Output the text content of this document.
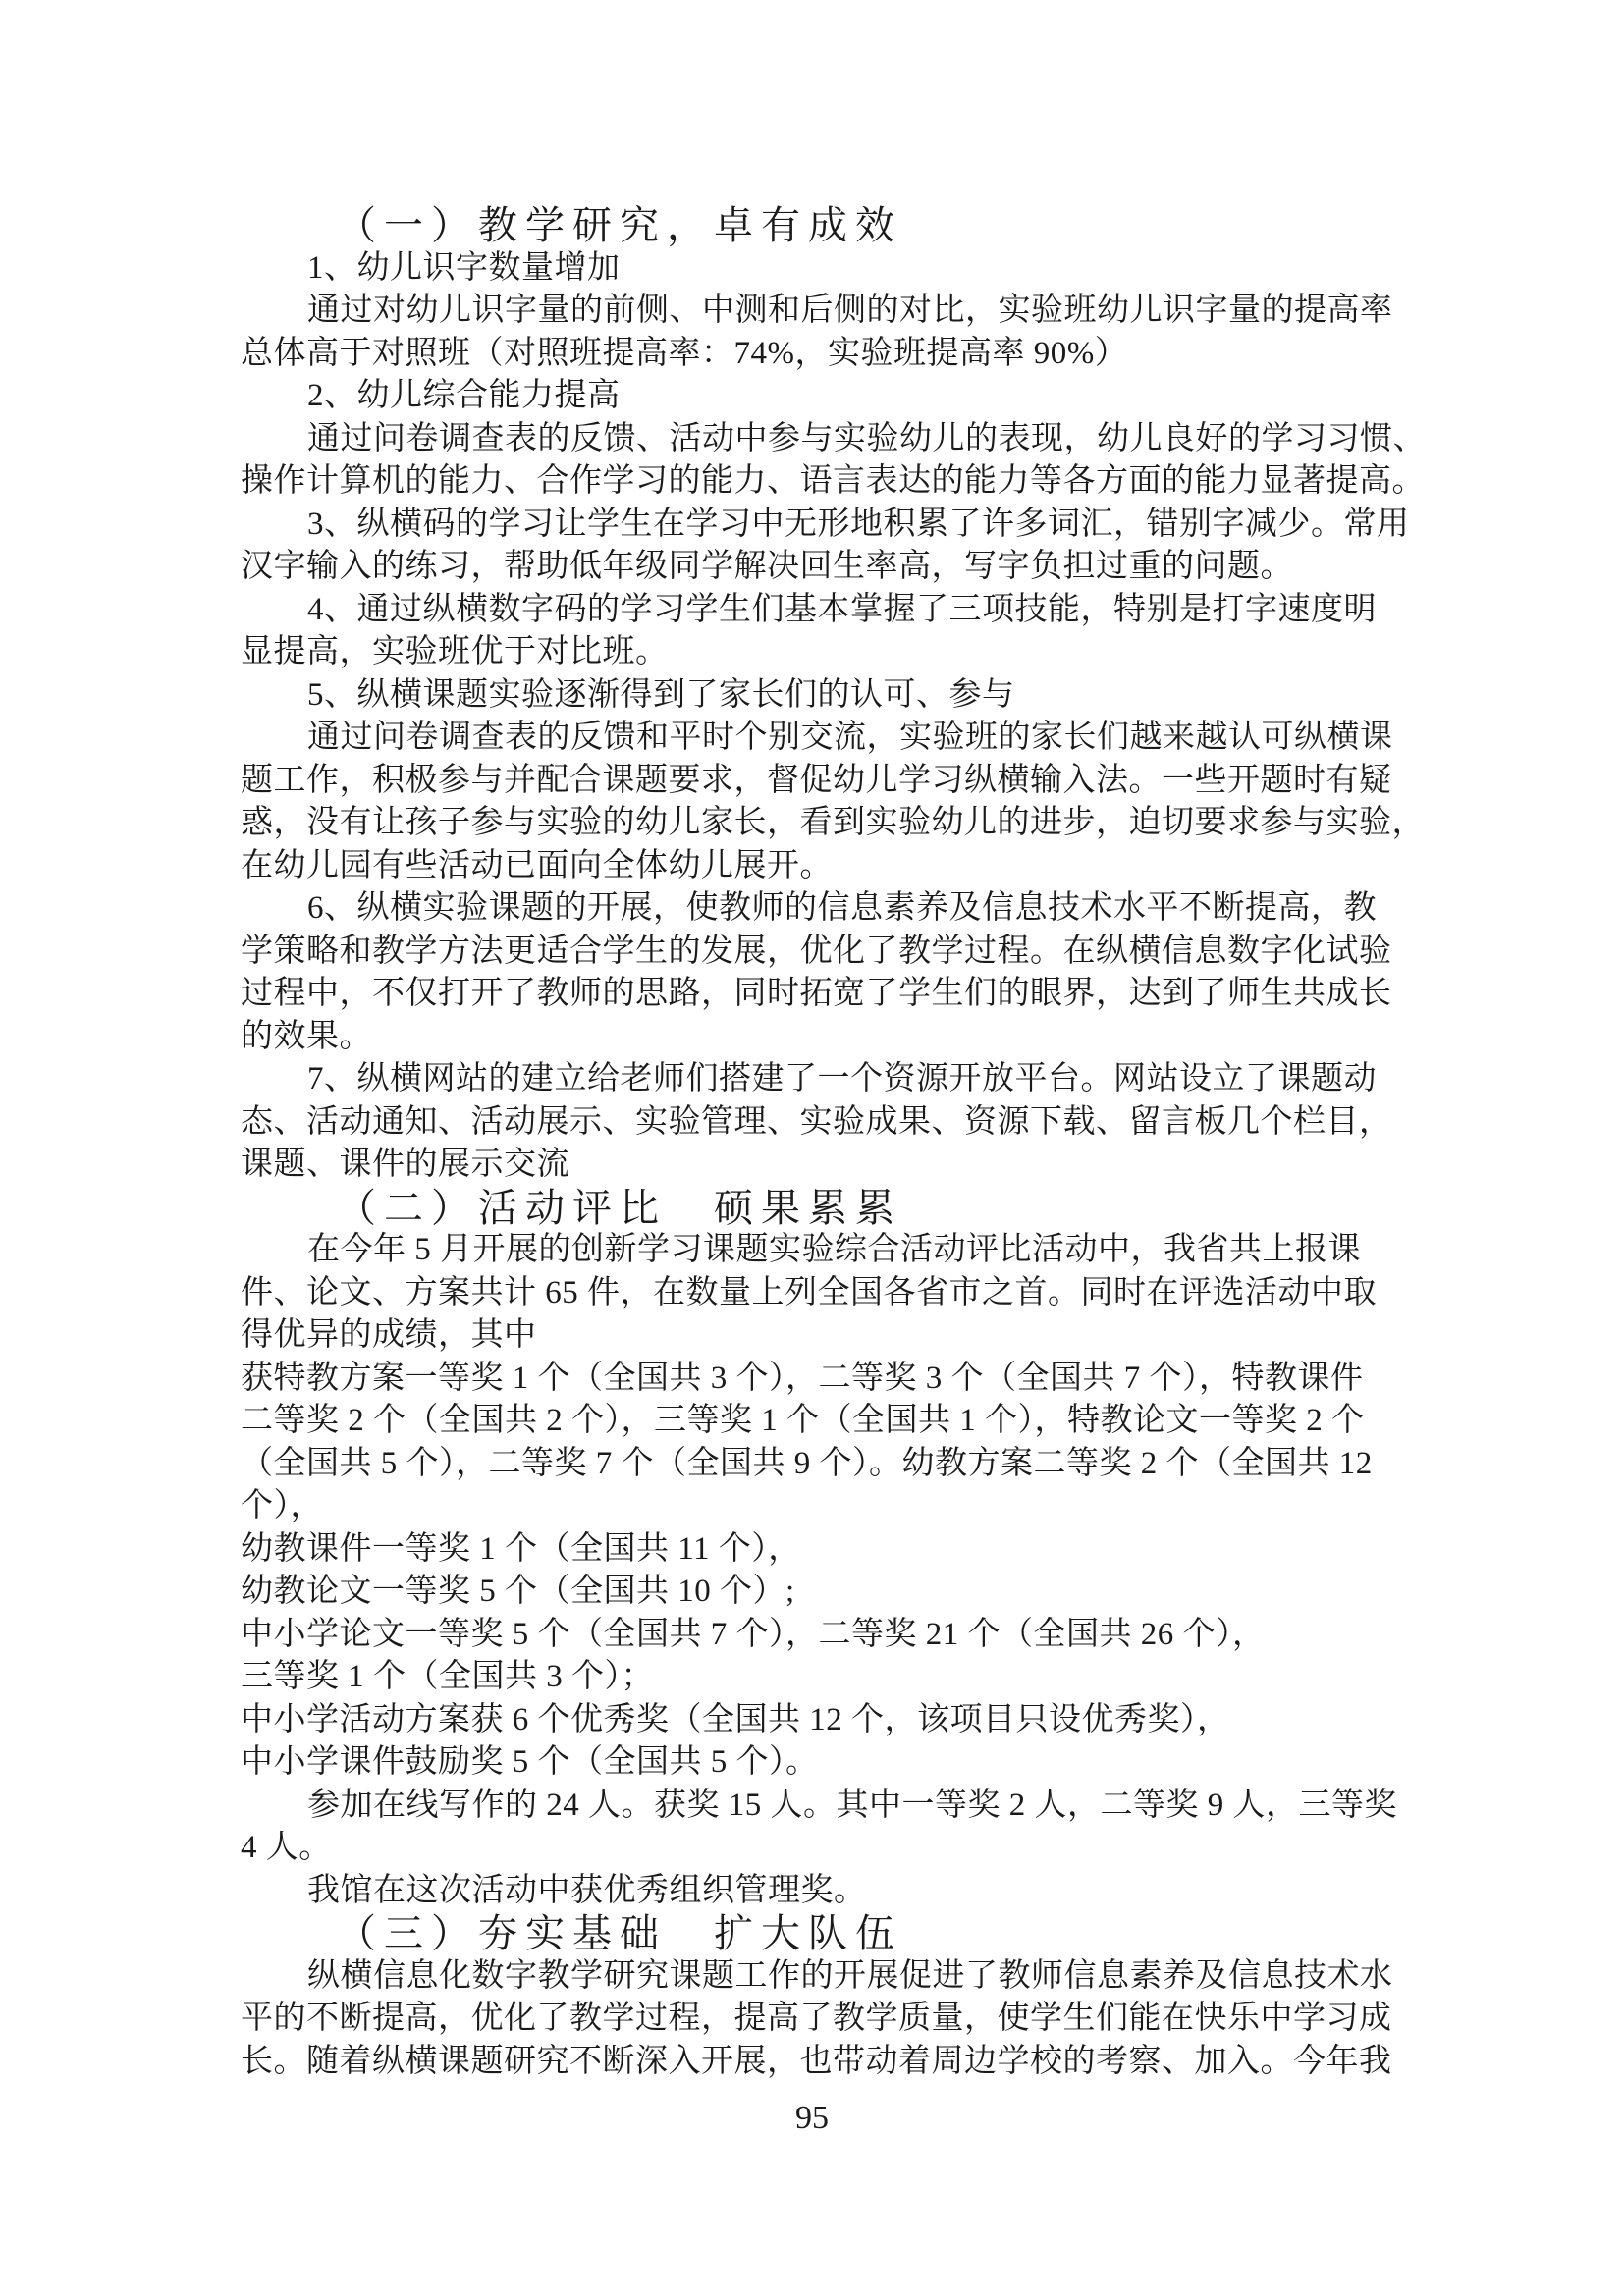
（一）教学研究，卓有成效
1、幼儿识字数量增加
通过对幼儿识字量的前侧、中测和后侧的对比，实验班幼儿识字量的提高率
总体高于对照班（对照班提高率：74%，实验班提高率 90%）
2、幼儿综合能力提高
通过问卷调查表的反馈、活动中参与实验幼儿的表现，幼儿良好的学习习惯、
操作计算机的能力、合作学习的能力、语言表达的能力等各方面的能力显著提高。
3、纵横码的学习让学生在学习中无形地积累了许多词汇，错别字减少。常用
汉字输入的练习，帮助低年级同学解决回生率高，写字负担过重的问题。
4、通过纵横数字码的学习学生们基本掌握了三项技能，特别是打字速度明
显提高，实验班优于对比班。
5、纵横课题实验逐渐得到了家长们的认可、参与
通过问卷调查表的反馈和平时个别交流，实验班的家长们越来越认可纵横课
题工作，积极参与并配合课题要求，督促幼儿学习纵横输入法。一些开题时有疑
惑，没有让孩子参与实验的幼儿家长，看到实验幼儿的进步，迫切要求参与实验，
在幼儿园有些活动已面向全体幼儿展开。
6、纵横实验课题的开展，使教师的信息素养及信息技术水平不断提高，教
学策略和教学方法更适合学生的发展，优化了教学过程。在纵横信息数字化试验
过程中，不仅打开了教师的思路，同时拓宽了学生们的眼界，达到了师生共成长
的效果。
7、纵横网站的建立给老师们搭建了一个资源开放平台。网站设立了课题动
态、活动通知、活动展示、实验管理、实验成果、资源下载、留言板几个栏目，
课题、课件的展示交流
（二）活动评比　硕果累累
在今年 5 月开展的创新学习课题实验综合活动评比活动中，我省共上报课
件、论文、方案共计 65 件，在数量上列全国各省市之首。同时在评选活动中取
得优异的成绩，其中
获特教方案一等奖 1 个（全国共 3 个），二等奖 3 个（全国共 7 个），特教课件
二等奖 2 个（全国共 2 个），三等奖 1 个（全国共 1 个），特教论文一等奖 2 个
（全国共 5 个），二等奖 7 个（全国共 9 个）。幼教方案二等奖 2 个（全国共 12
个），
幼教课件一等奖 1 个（全国共 11 个），
幼教论文一等奖 5 个（全国共 10 个）;
中小学论文一等奖 5 个（全国共 7 个），二等奖 21 个（全国共 26 个），
三等奖 1 个（全国共 3 个）；
中小学活动方案获 6 个优秀奖（全国共 12 个，该项目只设优秀奖），
中小学课件鼓励奖 5 个（全国共 5 个）。
参加在线写作的 24 人。获奖 15 人。其中一等奖 2 人，二等奖 9 人，三等奖
4 人。
我馆在这次活动中获优秀组织管理奖。
（三）夯实基础　扩大队伍
纵横信息化数字教学研究课题工作的开展促进了教师信息素养及信息技术水
平的不断提高，优化了教学过程，提高了教学质量，使学生们能在快乐中学习成
长。随着纵横课题研究不断深入开展，也带动着周边学校的考察、加入。今年我
95
